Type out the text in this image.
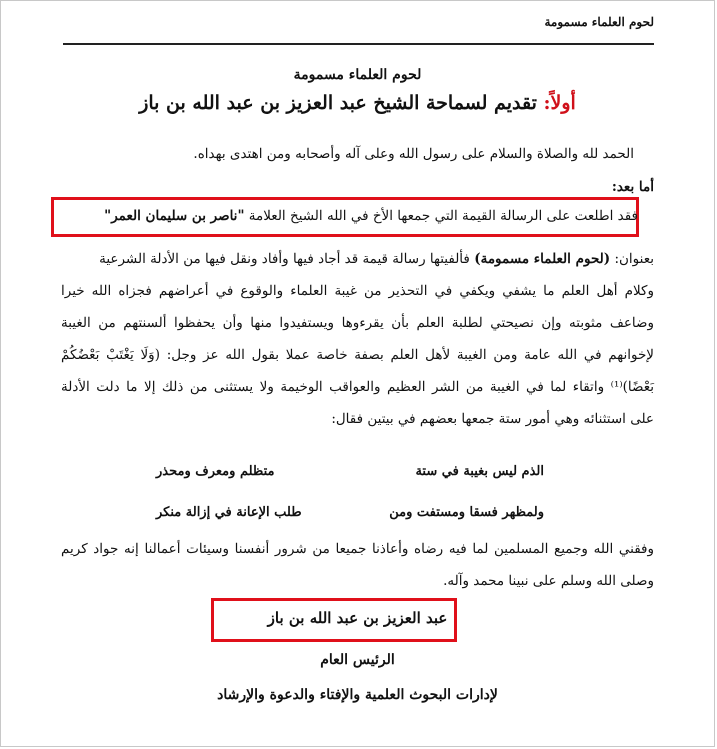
لحوم العلماء مسمومة
لحوم العلماء مسمومة
أولاً: تقديم لسماحة الشيخ عبد العزيز بن عبد الله بن باز
الحمد لله والصلاة والسلام على رسول الله وعلى آله وأصحابه ومن اهتدى بهداه.
أما بعد:
فقد اطلعت على الرسالة القيمة التي جمعها الأخ في الله الشيخ العلامة "ناصر بن سليمان العمر"
بعنوان: (لحوم العلماء مسمومة) فألفيتها رسالة قيمة قد أجاد فيها وأفاد ونقل فيها من الأدلة الشرعية
وكلام أهل العلم ما يشفي ويكفي في التحذير من غيبة العلماء والوقوع في أعراضهم فجزاه الله خيرا
وضاعف مثوبته وإن نصيحتي لطلبة العلم بأن يقرءوها ويستفيدوا منها وأن يحفظوا ألسنتهم من الغيبة
لإخوانهم في الله عامة ومن الغيبة لأهل العلم بصفة خاصة عملا بقول الله عز وجل: (وَلَا يَغْتَبْ بَعْضُكُمْ
بَعْضًا)⁽¹⁾ واتقاء لما في الغيبة من الشر العظيم والعواقب الوخيمة ولا يستثنى من ذلك إلا ما دلت الأدلة
على استثنائه وهي أمور ستة جمعها بعضهم في بيتين فقال:
الذم ليس بغيبة في ستة
متظلم ومعرف ومحذر
ولمظهر فسقا ومستفت ومن
طلب الإعانة في إزالة منكر
وفقني الله وجميع المسلمين لما فيه رضاه وأعاذنا جميعا من شرور أنفسنا وسيئات أعمالنا إنه جواد كريم
وصلى الله وسلم على نبينا محمد وآله.
عبد العزيز بن عبد الله بن باز
الرئيس العام
لإدارات البحوث العلمية والإفتاء والدعوة والإرشاد
